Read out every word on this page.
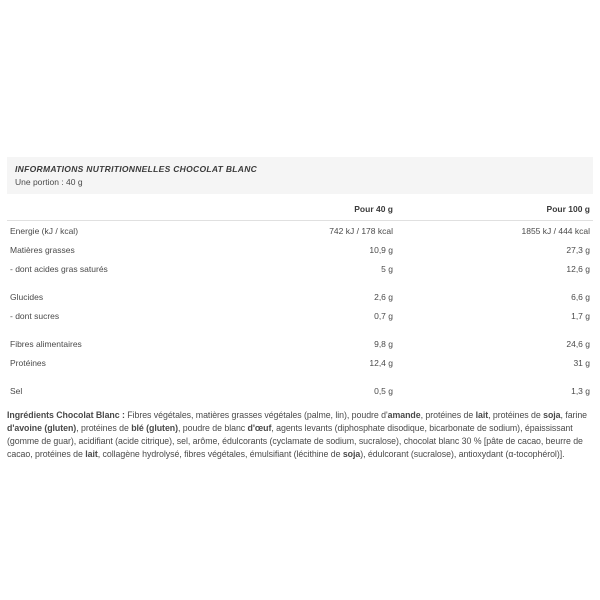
INFORMATIONS NUTRITIONNELLES CHOCOLAT BLANC
Une portion : 40 g
Pour 40 g	Pour 100 g
Energie (kJ / kcal)	742 kJ / 178 kcal	1855 kJ / 444 kcal
Matières grasses	10,9 g	27,3 g
- dont acides gras saturés	5 g	12,6 g
Glucides	2,6 g	6,6 g
- dont sucres	0,7 g	1,7 g
Fibres alimentaires	9,8 g	24,6 g
Protéines	12,4 g	31 g
Sel	0,5 g	1,3 g

Ingrédients Chocolat Blanc : Fibres végétales, matières grasses végétales (palme, lin), poudre d'amande, protéines de lait, protéines de soja, farine d'avoine (gluten), protéines de blé (gluten), poudre de blanc d'œuf, agents levants (diphosphate disodique, bicarbonate de sodium), épaississant (gomme de guar), acidifiant (acide citrique), sel, arôme, édulcorants (cyclamate de sodium, sucralose), chocolat blanc 30 % [pâte de cacao, beurre de cacao, protéines de lait, collagène hydrolysé, fibres végétales, émulsifiant (lécithine de soja), édulcorant (sucralose), antioxydant (α-tocophérol)].
